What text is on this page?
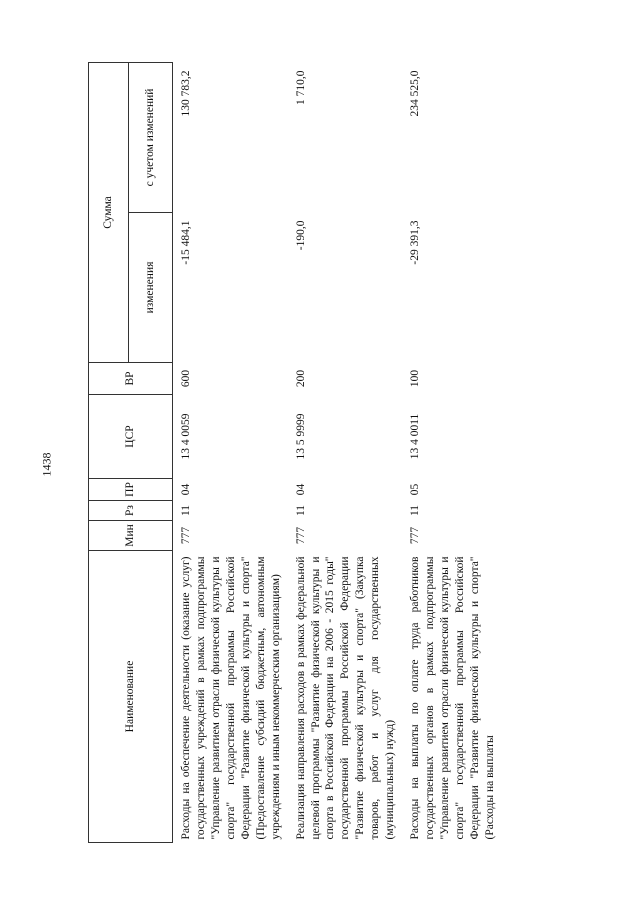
1438
Наименование	Мин	Рз	ПР	ЦСР	ВР	Сумма	
						изменения	с учетом изменений
Расходы на обеспечение деятельности (оказание услуг) государственных учреждений в рамках подпрограммы "Управление развитием отрасли физической культуры и спорта" государственной программы Российской Федерации "Развитие физической культуры и спорта" (Предоставление субсидий бюджетным, автономным учреждениям и иным некоммерческим организациям)	777	11	04	13 4 0059	600	-15 484,1	130 783,2
Реализация направления расходов в рамках федеральной целевой программы "Развитие физической культуры и спорта в Российской Федерации на 2006 - 2015 годы" государственной программы Российской Федерации "Развитие физической культуры и спорта" (Закупка товаров, работ и услуг для государственных (муниципальных) нужд)	777	11	04	13 5 9999	200	-190,0	1 710,0
Расходы на выплаты по оплате труда работников государственных органов в рамках подпрограммы "Управление развитием отрасли физической культуры и спорта" государственной программы Российской Федерации "Развитие физической культуры и спорта" (Расходы на выплаты	777	11	05	13 4 0011	100	-29 391,3	234 525,0
